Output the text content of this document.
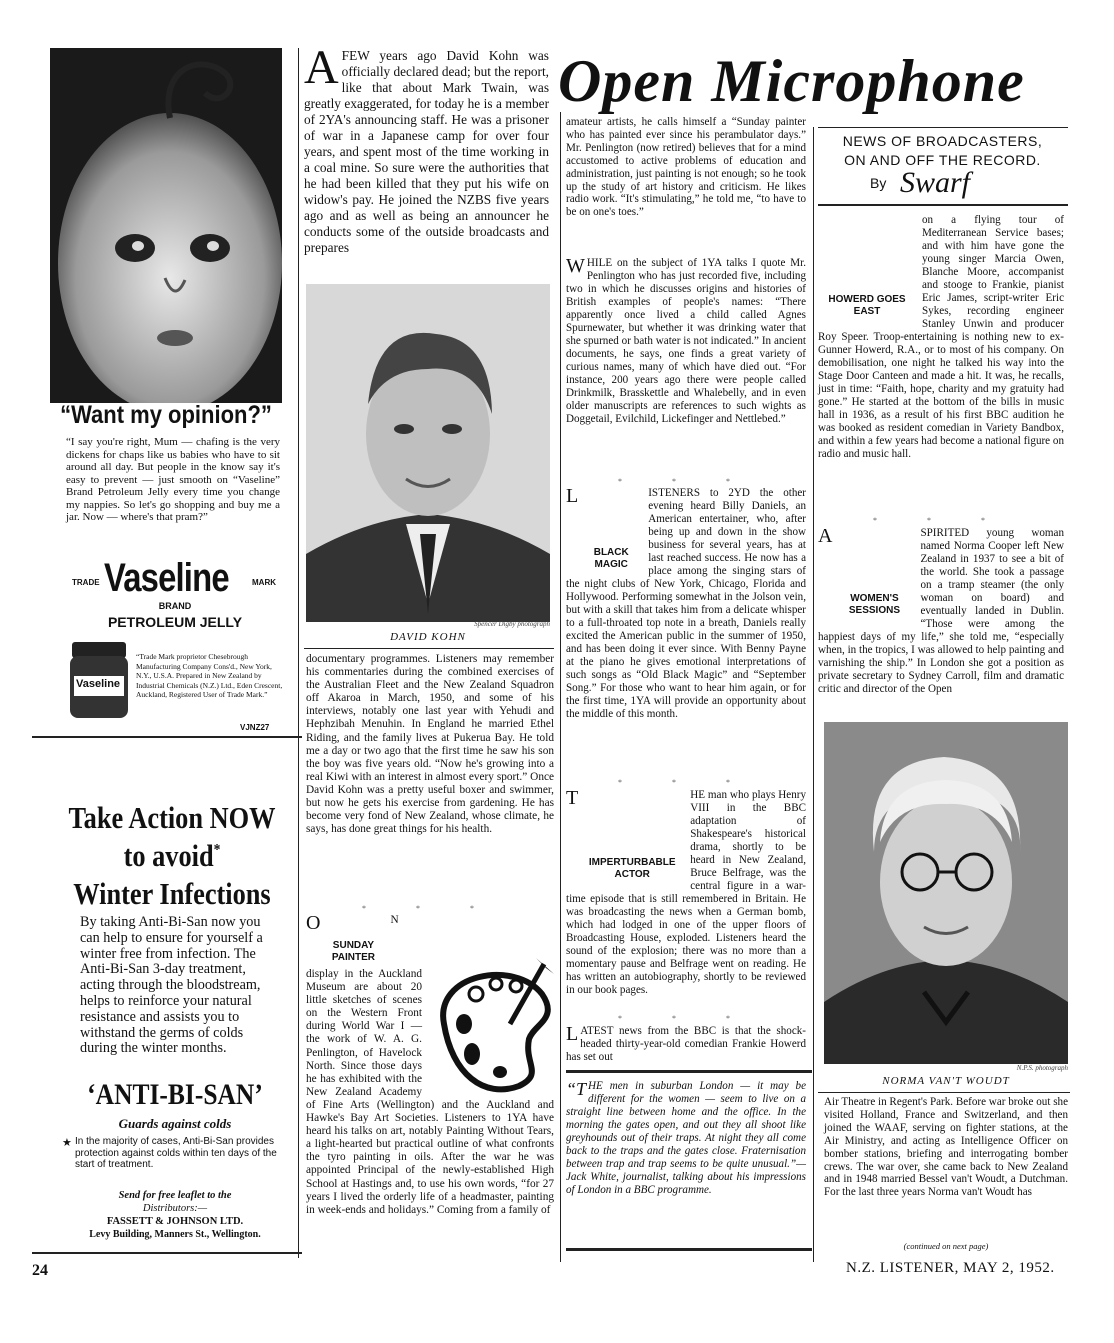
“Want my opinion?”
“I say you're right, Mum — chafing is the very dickens for chaps like us babies who have to sit around all day. But people in the know say it's easy to prevent — just smooth on “Vaseline” Brand Petroleum Jelly every time you change my nappies. So let's go shopping and buy me a jar. Now — where's that pram?”
TRADE Vaseline	MARK
BRAND
PETROLEUM JELLY
Vaseline
“Trade Mark proprietor Chesebrough Manufacturing Company Cons'd., New York, N.Y., U.S.A. Prepared in New Zealand by Industrial Chemicals (N.Z.) Ltd., Eden Crescent, Auckland, Registered User of Trade Mark.”
VJNZ27
Take Action NOW
to avoid*
Winter Infections
By taking Anti-Bi-San now you can help to ensure for yourself a winter free from infection. The Anti-Bi-San 3-day treatment, acting through the bloodstream, helps to reinforce your natural resistance and assists you to withstand the germs of colds during the winter months.
‘ANTI-BI-SAN’
Guards against colds
★ In the majority of cases, Anti-Bi-San provides protection against colds within ten days of the start of treatment.
Send for free leaflet to the
Distributors:—
FASSETT & JOHNSON LTD.
Levy Building, Manners St., Wellington.
AFEW years ago David Kohn was officially declared dead; but the report, like that about Mark Twain, was greatly exaggerated, for today he is a member of 2YA's announcing staff. He was a prisoner of war in a Japanese camp for over four years, and spent most of the time working in a coal mine. So sure were the authorities that he had been killed that they put his wife on widow's pay. He joined the NZBS five years ago and as well as being an announcer he conducts some of the outside broadcasts and prepares
Spencer Digby photograph
DAVID KOHN
documentary programmes. Listeners may remember his commentaries during the combined exercises of the Australian Fleet and the New Zealand Squadron off Akaroa in March, 1950, and some of his interviews, notably one last year with Yehudi and Hephzibah Menuhin. In England he married Ethel Riding, and the family lives at Pukerua Bay. He told me a day or two ago that the first time he saw his son the boy was five years old. “Now he's growing into a real Kiwi with an interest in almost every sport.” Once David Kohn was a pretty useful boxer and swimmer, but now he gets his exercise from gardening. He has become very fond of New Zealand, whose climate, he says, has done great things for his health.
* * *
O
SUNDAY
PAINTER
N display in the Auckland Museum are about 20 little sketches of scenes on the Western Front during World War I — the work of W. A. G. Penlington, of Havelock North. Since those days he has exhibited with the New Zealand Academy of Fine Arts (Wellington) and the Auckland and Hawke's Bay Art Societies. Listeners to 1YA have heard his talks on art, notably Painting Without Tears, a light-hearted but practical outline of what confronts the tyro painting in oils. After the war he was appointed Principal of the newly-established High School at Hastings and, to use his own words, “for 27 years I lived the orderly life of a headmaster, painting in week-ends and holidays.” Coming from a family of
Open Microphone
NEWS OF BROADCASTERS,
ON AND OFF THE RECORD.
By Swarf
amateur artists, he calls himself a “Sunday painter who has painted ever since his perambulator days.” Mr. Penlington (now retired) believes that for a mind accustomed to active problems of education and administration, just painting is not enough; so he took up the study of art history and criticism. He likes radio work. “It's stimulating,” he told me, “to have to be on one's toes.”
W HILE on the subject of 1YA talks I quote Mr. Penlington who has just recorded five, including two in which he discusses origins and histories of British examples of people's names: “There apparently once lived a child called Agnes Spurnewater, but whether it was drinking water that she spurned or bath water is not indicated.” In ancient documents, he says, one finds a great variety of curious names, many of which have died out. “For instance, 200 years ago there were people called Drinkmilk, Brasskettle and Whalebelly, and in even older manuscripts are references to such wights as Doggetail, Evilchild, Lickefinger and Nettlebed.”
* * *
L
BLACK
MAGIC
ISTENERS to 2YD the other evening heard Billy Daniels, an American entertainer, who, after being up and down in the show business for several years, has at last reached success. He now has a place among the singing stars of the night clubs of New York, Chicago, Florida and Hollywood. Performing somewhat in the Jolson vein, but with a skill that takes him from a delicate whisper to a full-throated top note in a breath, Daniels really excited the American public in the summer of 1950, and has been doing it ever since. With Benny Payne at the piano he gives emotional interpretations of such songs as “Old Black Magic” and “September Song.” For those who want to hear him again, or for the first time, 1YA will provide an opportunity about the middle of this month.
* * *
T
IMPERTURBABLE
ACTOR
HE man who plays Henry VIII in the BBC adaptation of Shakespeare's historical drama, shortly to be heard in New Zealand, Bruce Belfrage, was the central figure in a war-time episode that is still remembered in Britain. He was broadcasting the news when a German bomb, which had lodged in one of the upper floors of Broadcasting House, exploded. Listeners heard the sound of the explosion; there was no more than a momentary pause and Belfrage went on reading. He has written an autobiography, shortly to be reviewed in our book pages.
* * *
L ATEST news from the BBC is that the shock-headed thirty-year-old comedian Frankie Howerd has set out
“T HE men in suburban London — it may be different for the women — seem to live on a straight line between home and the office. In the morning the gates open, and out they all shoot like greyhounds out of their traps. At night they all come back to the traps and the gates close. Fraternisation between trap and trap seems to be quite unusual.”— Jack White, journalist, talking about his impressions of London in a BBC programme.
HOWERD GOES
EAST
on a flying tour of Mediterranean Service bases; and with him have gone the young singer Marcia Owen, Blanche Moore, accompanist and stooge to Frankie, pianist Eric James, script-writer Eric Sykes, recording engineer Stanley Unwin and producer Roy Speer. Troop-entertaining is nothing new to ex-Gunner Howerd, R.A., or to most of his company. On demobilisation, one night he talked his way into the Stage Door Canteen and made a hit. It was, he recalls, just in time: “Faith, hope, charity and my gratuity had gone.” He started at the bottom of the bills in music hall in 1936, as a result of his first BBC audition he was booked as resident comedian in Variety Bandbox, and within a few years had become a national figure on radio and music hall.
* * *
A
WOMEN'S
SESSIONS
SPIRITED young woman named Norma Cooper left New Zealand in 1937 to see a bit of the world. She took a passage on a tramp steamer (the only woman on board) and eventually landed in Dublin. “Those were among the happiest days of my life,” she told me, “especially when, in the tropics, I was allowed to help painting and varnishing the ship.” In London she got a position as private secretary to Sydney Carroll, film and dramatic critic and director of the Open
N.P.S. photograph
NORMA VAN'T WOUDT
Air Theatre in Regent's Park. Before war broke out she visited Holland, France and Switzerland, and then joined the WAAF, serving on fighter stations, at the Air Ministry, and acting as Intelligence Officer on bomber stations, briefing and interrogating bomber crews. The war over, she came back to New Zealand and in 1948 married Bessel van't Woudt, a Dutchman. For the last three years Norma van't Woudt has
(continued on next page)
24	N.Z. LISTENER, MAY 2, 1952.
